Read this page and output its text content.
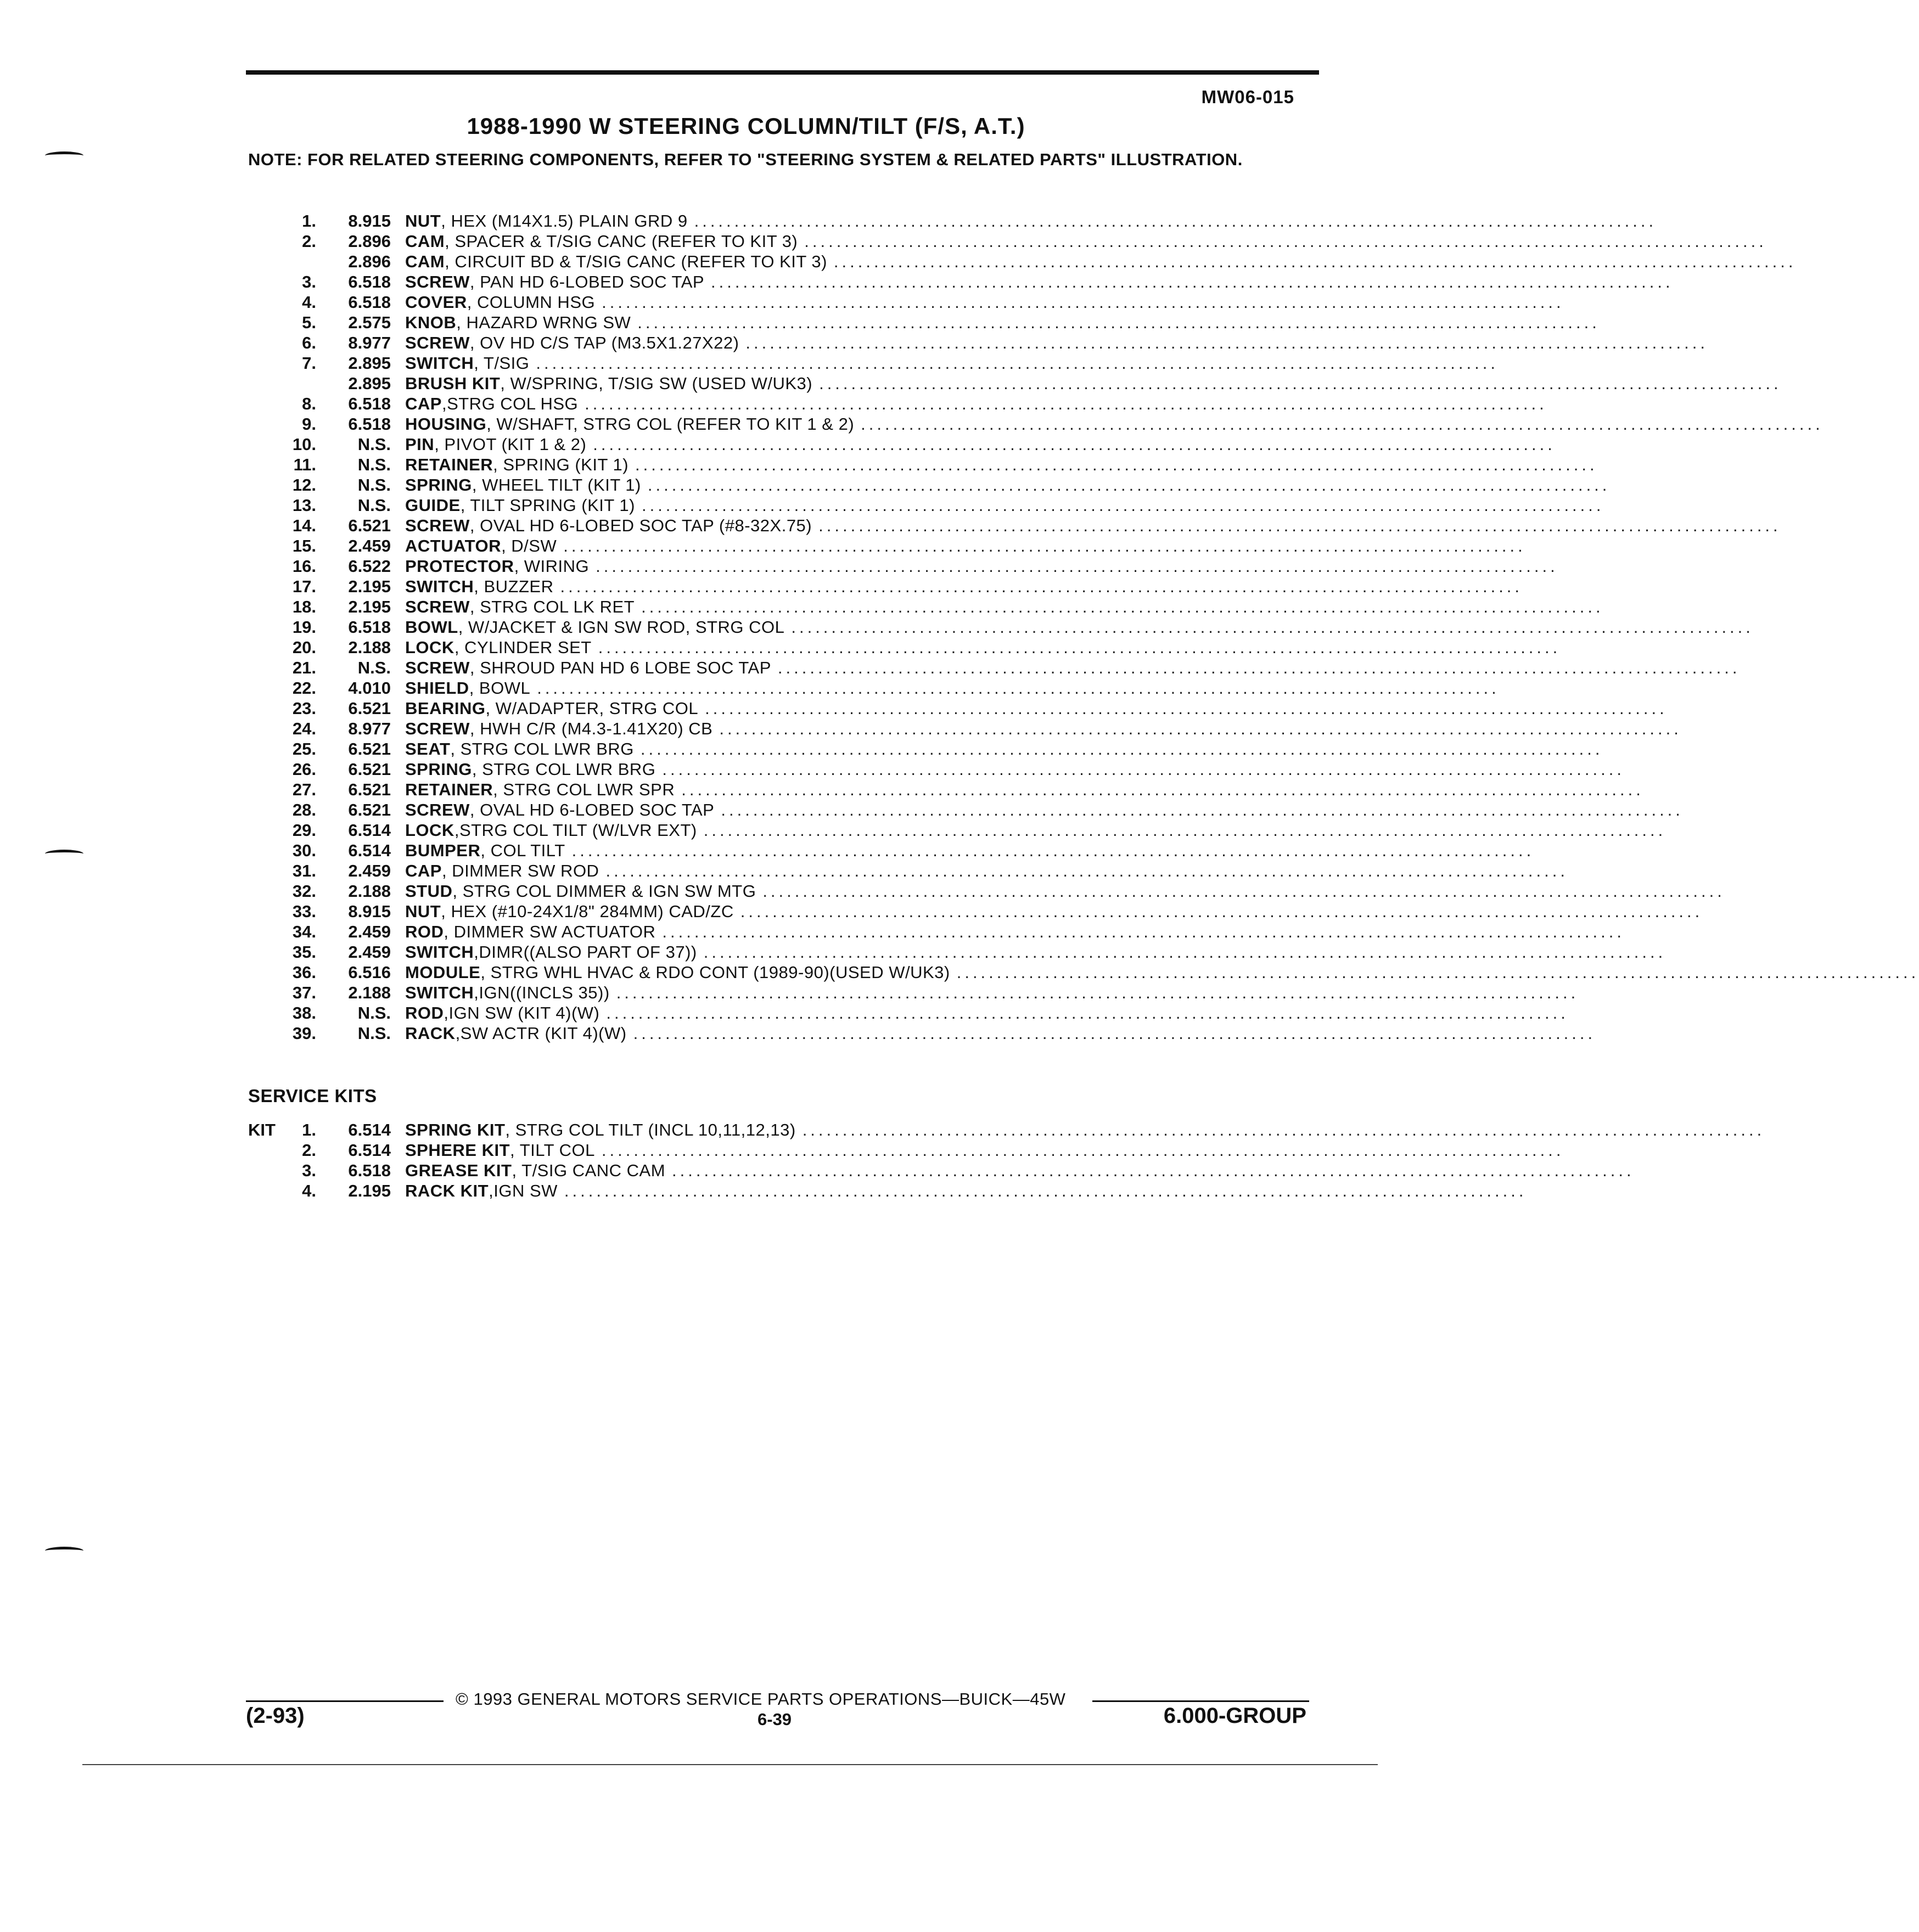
MW06-015
1988-1990 W STEERING COLUMN/TILT (F/S, A.T.)
NOTE: FOR RELATED STEERING COMPONENTS, REFER TO "STEERING SYSTEM & RELATED PARTS" ILLUSTRATION.
1.	8.915 NUT, HEX (M14X1.5) PLAIN GRD 9 ........................................................................................................................
2.	2.896 CAM, SPACER & T/SIG CANC (REFER TO KIT 3) ........................................................................................................................
2.896 CAM, CIRCUIT BD & T/SIG CANC (REFER TO KIT 3) ........................................................................................................................
3.	6.518 SCREW, PAN HD 6-LOBED SOC TAP ........................................................................................................................
4.	6.518 COVER, COLUMN HSG ........................................................................................................................
5.	2.575 KNOB, HAZARD WRNG SW ........................................................................................................................
6.	8.977 SCREW, OV HD C/S TAP (M3.5X1.27X22) ........................................................................................................................
7.	2.895 SWITCH, T/SIG ........................................................................................................................
2.895 BRUSH KIT, W/SPRING, T/SIG SW (USED W/UK3) ........................................................................................................................
8.	6.518 CAP,STRG COL HSG ........................................................................................................................
9.	6.518 HOUSING, W/SHAFT, STRG COL (REFER TO KIT 1 & 2) ........................................................................................................................
10.	N.S. PIN, PIVOT (KIT 1 & 2) ........................................................................................................................
11.	N.S. RETAINER, SPRING (KIT 1) ........................................................................................................................
12.	N.S. SPRING, WHEEL TILT (KIT 1) ........................................................................................................................
13.	N.S. GUIDE, TILT SPRING (KIT 1) ........................................................................................................................
14.	6.521 SCREW, OVAL HD 6-LOBED SOC TAP (#8-32X.75) ........................................................................................................................
15.	2.459 ACTUATOR, D/SW ........................................................................................................................
16.	6.522 PROTECTOR, WIRING ........................................................................................................................
17.	2.195 SWITCH, BUZZER ........................................................................................................................
18.	2.195 SCREW, STRG COL LK RET ........................................................................................................................
19.	6.518 BOWL, W/JACKET & IGN SW ROD, STRG COL ........................................................................................................................
20.	2.188 LOCK, CYLINDER SET ........................................................................................................................
21.	N.S. SCREW, SHROUD PAN HD 6 LOBE SOC TAP ........................................................................................................................
22.	4.010 SHIELD, BOWL ........................................................................................................................
23.	6.521 BEARING, W/ADAPTER, STRG COL ........................................................................................................................
24.	8.977 SCREW, HWH C/R (M4.3-1.41X20) CB ........................................................................................................................
25.	6.521 SEAT, STRG COL LWR BRG ........................................................................................................................
26.	6.521 SPRING, STRG COL LWR BRG ........................................................................................................................
27.	6.521 RETAINER, STRG COL LWR SPR ........................................................................................................................
28.	6.521 SCREW, OVAL HD 6-LOBED SOC TAP ........................................................................................................................
29.	6.514 LOCK,STRG COL TILT (W/LVR EXT) ........................................................................................................................
30.	6.514 BUMPER, COL TILT ........................................................................................................................
31.	2.459 CAP, DIMMER SW ROD ........................................................................................................................
32.	2.188 STUD, STRG COL DIMMER & IGN SW MTG ........................................................................................................................
33.	8.915 NUT, HEX (#10-24X1/8" 284MM) CAD/ZC ........................................................................................................................
34.	2.459 ROD, DIMMER SW ACTUATOR ........................................................................................................................
35.	2.459 SWITCH,DIMR((ALSO PART OF 37)) ........................................................................................................................
36.	6.516 MODULE, STRG WHL HVAC & RDO CONT (1989-90)(USED W/UK3) ........................................................................................................................
37.	2.188 SWITCH,IGN((INCLS 35)) ........................................................................................................................
38.	N.S. ROD,IGN SW (KIT 4)(W) ........................................................................................................................
39.	N.S. RACK,SW ACTR (KIT 4)(W) ........................................................................................................................
SERVICE KITS
KIT	1.	6.514 SPRING KIT, STRG COL TILT (INCL 10,11,12,13) ........................................................................................................................
2.	6.514 SPHERE KIT, TILT COL ........................................................................................................................
3.	6.518 GREASE KIT, T/SIG CANC CAM ........................................................................................................................
4.	2.195 RACK KIT,IGN SW ........................................................................................................................
© 1993 GENERAL MOTORS SERVICE PARTS OPERATIONS—BUICK—45W
(2-93)	6-39	6.000-GROUP
